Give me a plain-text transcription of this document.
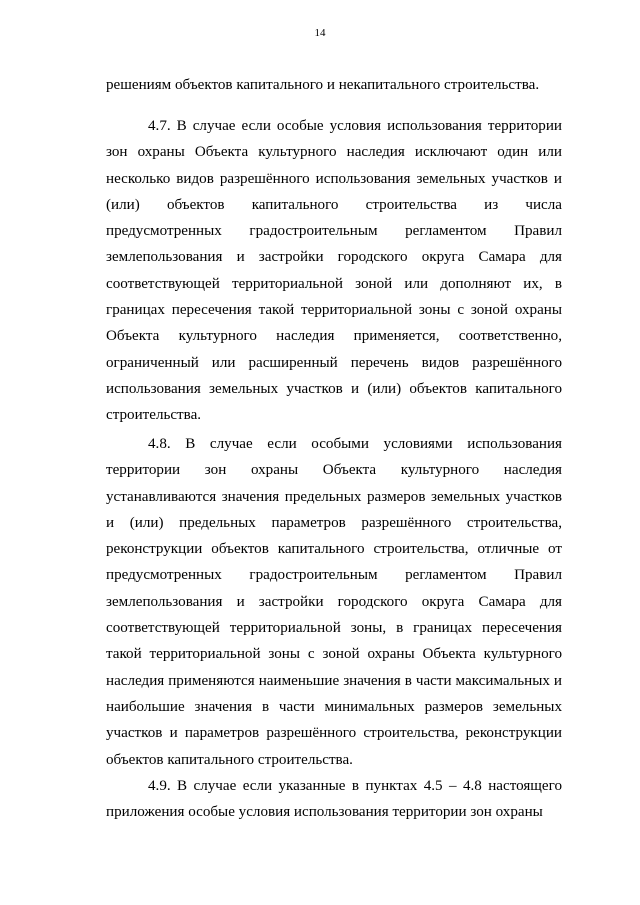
14

решениям объектов капитального и некапитального строительства.

4.7. В случае если особые условия использования территории зон охраны Объекта культурного наследия исключают один или несколько видов разрешённого использования земельных участков и (или) объектов капитального строительства из числа предусмотренных градостроительным регламентом Правил землепользования и застройки городского округа Самара для соответствующей территориальной зоной или дополняют их, в границах пересечения такой территориальной зоны с зоной охраны Объекта культурного наследия применяется, соответственно, ограниченный или расширенный перечень видов разрешённого использования земельных участков и (или) объектов капитального строительства.

4.8. В случае если особыми условиями использования территории зон охраны Объекта культурного наследия устанавливаются значения предельных размеров земельных участков и (или) предельных параметров разрешённого строительства, реконструкции объектов капитального строительства, отличные от предусмотренных градостроительным регламентом Правил землепользования и застройки городского округа Самара для соответствующей территориальной зоны, в границах пересечения такой территориальной зоны с зоной охраны Объекта культурного наследия применяются наименьшие значения в части максимальных и наибольшие значения в части минимальных размеров земельных участков и параметров разрешённого строительства, реконструкции объектов капитального строительства.

4.9. В случае если указанные в пунктах 4.5 – 4.8 настоящего приложения особые условия использования территории зон охраны
